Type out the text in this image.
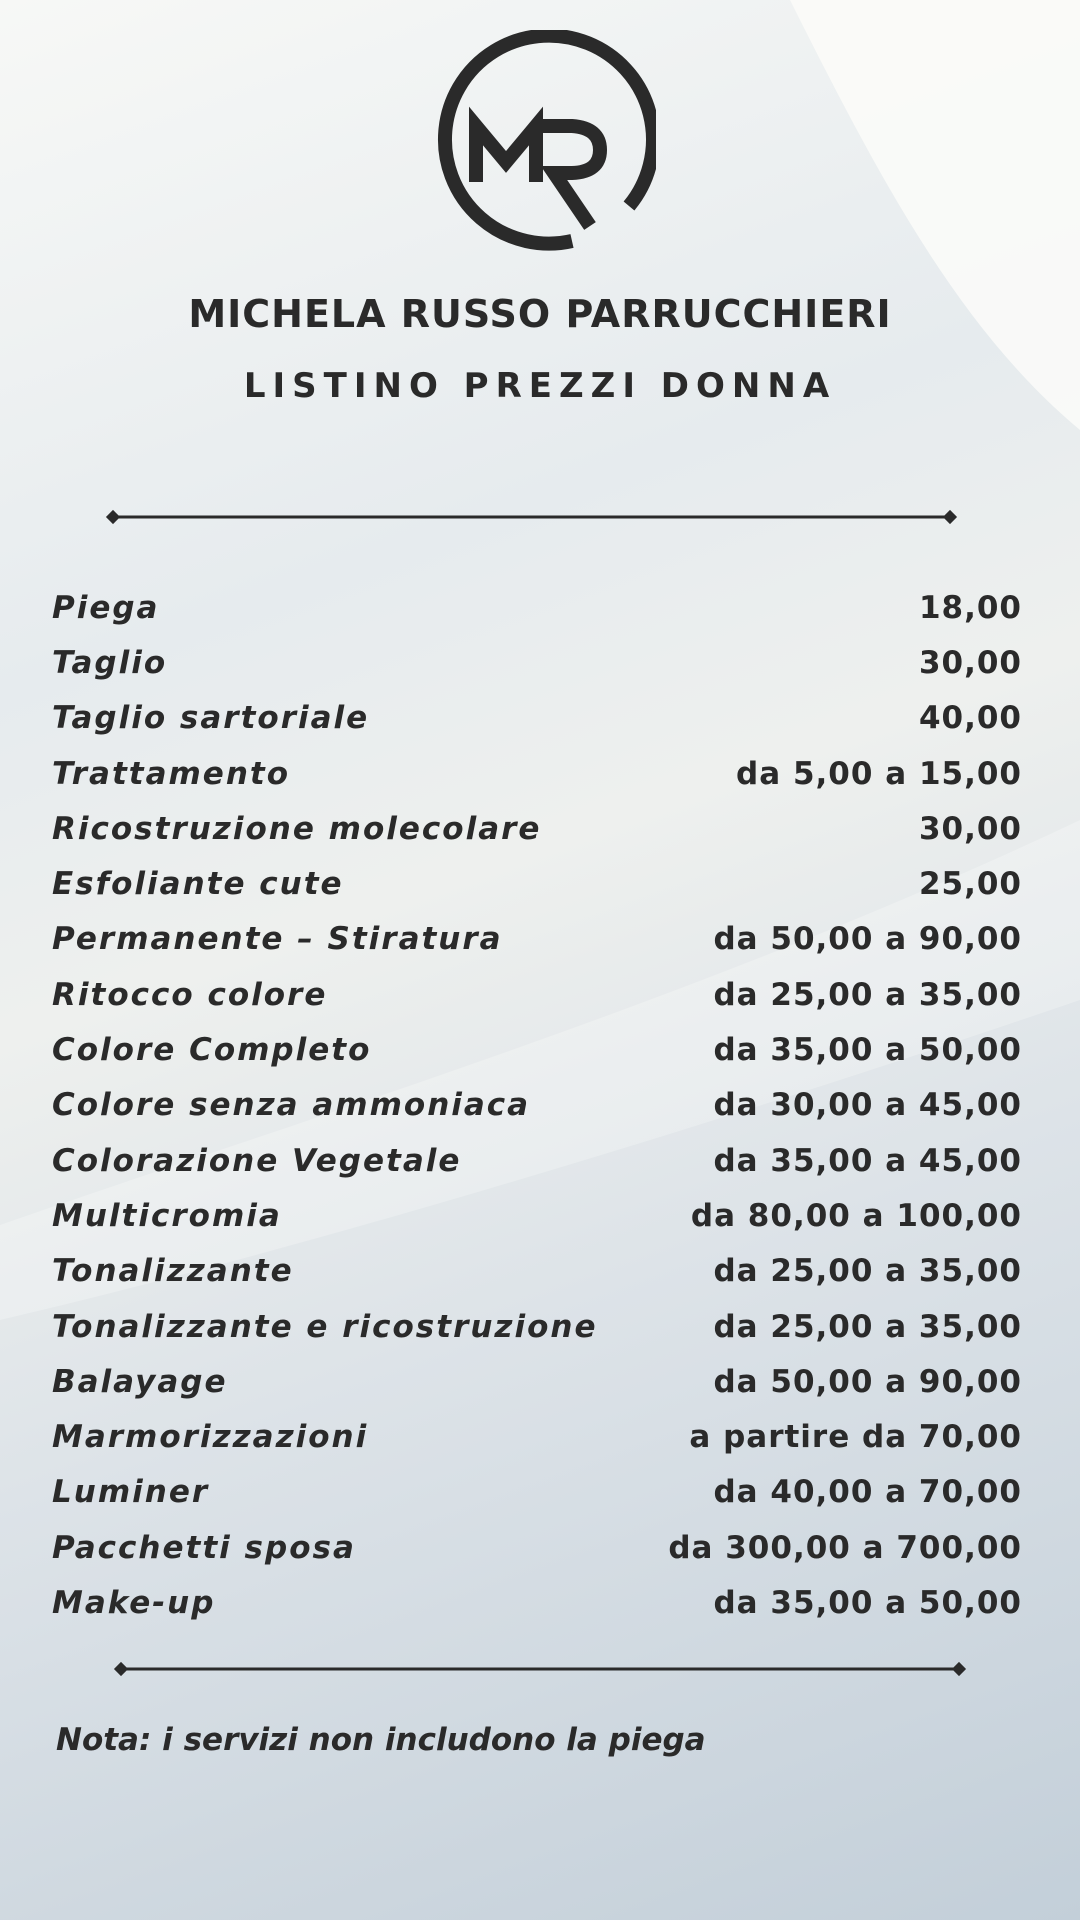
MICHELA RUSSO PARRUCCHIERI
LISTINO PREZZI DONNA
Piega	18,00
Taglio	30,00
Taglio sartoriale	40,00
Trattamento	da 5,00 a 15,00
Ricostruzione molecolare	30,00
Esfoliante cute	25,00
Permanente – Stiratura	da 50,00 a 90,00
Ritocco colore	da 25,00 a 35,00
Colore Completo	da 35,00 a 50,00
Colore senza ammoniaca	da 30,00 a 45,00
Colorazione Vegetale	da 35,00 a 45,00
Multicromia	da 80,00 a 100,00
Tonalizzante	da 25,00 a 35,00
Tonalizzante e ricostruzione	da 25,00 a 35,00
Balayage	da 50,00 a 90,00
Marmorizzazioni	a partire da 70,00
Luminer	da 40,00 a 70,00
Pacchetti sposa	da 300,00 a 700,00
Make-up	da 35,00 a 50,00
Nota: i servizi non includono la piega
